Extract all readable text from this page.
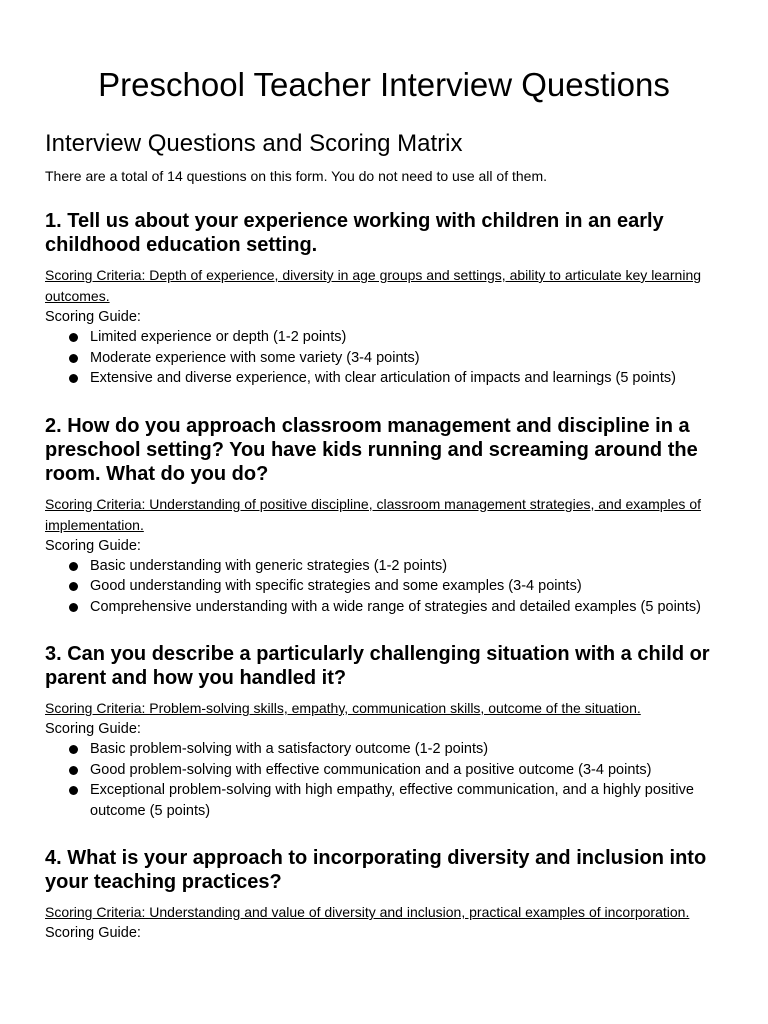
Preschool Teacher Interview Questions
Interview Questions and Scoring Matrix

There are a total of 14 questions on this form. You do not need to use all of them.

1. Tell us about your experience working with children in an early childhood education setting.

Scoring Criteria: Depth of experience, diversity in age groups and settings, ability to articulate key learning outcomes.

Scoring Guide:

Limited experience or depth (1-2 points)
Moderate experience with some variety (3-4 points)
Extensive and diverse experience, with clear articulation of impacts and learnings (5 points)
2. How do you approach classroom management and discipline in a preschool setting? You have kids running and screaming around the room. What do you do?

Scoring Criteria: Understanding of positive discipline, classroom management strategies, and examples of implementation.

Scoring Guide:

Basic understanding with generic strategies (1-2 points)
Good understanding with specific strategies and some examples (3-4 points)
Comprehensive understanding with a wide range of strategies and detailed examples (5 points)
3. Can you describe a particularly challenging situation with a child or parent and how you handled it?

Scoring Criteria: Problem-solving skills, empathy, communication skills, outcome of the situation.

Scoring Guide:

Basic problem-solving with a satisfactory outcome (1-2 points)
Good problem-solving with effective communication and a positive outcome (3-4 points)
Exceptional problem-solving with high empathy, effective communication, and a highly positive outcome (5 points)
4. What is your approach to incorporating diversity and inclusion into your teaching practices?

Scoring Criteria: Understanding and value of diversity and inclusion, practical examples of incorporation.

Scoring Guide:
